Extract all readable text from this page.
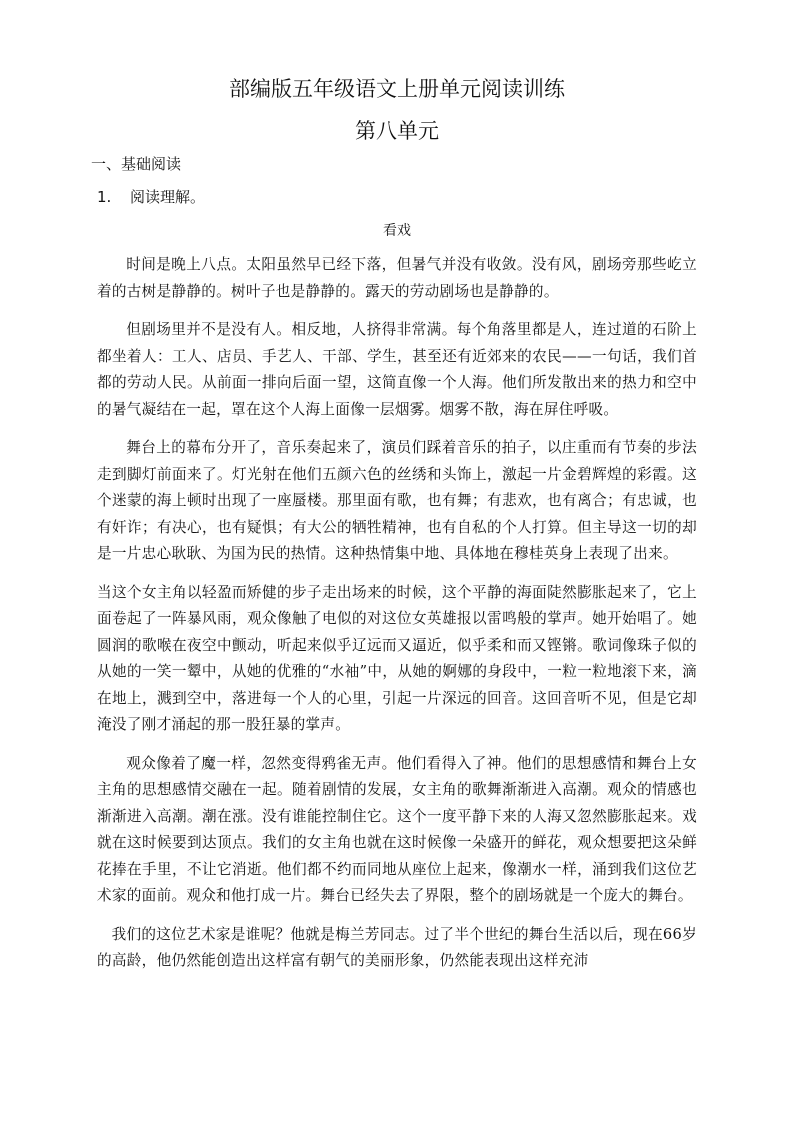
部编版五年级语文上册单元阅读训练
第八单元
一、基础阅读
1. 阅读理解。
看戏

时间是晚上八点。太阳虽然早已经下落，但暑气并没有收敛。没有风，剧场旁那些屹立着的古树是静静的。树叶子也是静静的。露天的劳动剧场也是静静的。

但剧场里并不是没有人。相反地，人挤得非常满。每个角落里都是人，连过道的石阶上都坐着人：工人、店员、手艺人、干部、学生，甚至还有近郊来的农民——一句话，我们首都的劳动人民。从前面一排向后面一望，这简直像一个人海。他们所发散出来的热力和空中的暑气凝结在一起，罩在这个人海上面像一层烟雾。烟雾不散，海在屏住呼吸。

舞台上的幕布分开了，音乐奏起来了，演员们踩着音乐的拍子，以庄重而有节奏的步法走到脚灯前面来了。灯光射在他们五颜六色的丝绣和头饰上，激起一片金碧辉煌的彩霞。这个迷蒙的海上顿时出现了一座蜃楼。那里面有歌，也有舞；有悲欢，也有离合；有忠诚，也有奸诈；有决心，也有疑惧；有大公的牺牲精神，也有自私的个人打算。但主导这一切的却是一片忠心耿耿、为国为民的热情。这种热情集中地、具体地在穆桂英身上表现了出来。

当这个女主角以轻盈而矫健的步子走出场来的时候，这个平静的海面陡然膨胀起来了，它上面卷起了一阵暴风雨，观众像触了电似的对这位女英雄报以雷鸣般的掌声。她开始唱了。她圆润的歌喉在夜空中颤动，听起来似乎辽远而又逼近，似乎柔和而又铿锵。歌词像珠子似的从她的一笑一颦中，从她的优雅的“水袖”中，从她的婀娜的身段中，一粒一粒地滚下来，滴在地上，溅到空中，落进每一个人的心里，引起一片深远的回音。这回音听不见，但是它却淹没了刚才涌起的那一股狂暴的掌声。

观众像着了魔一样，忽然变得鸦雀无声。他们看得入了神。他们的思想感情和舞台上女主角的思想感情交融在一起。随着剧情的发展，女主角的歌舞渐渐进入高潮。观众的情感也渐渐进入高潮。潮在涨。没有谁能控制住它。这个一度平静下来的人海又忽然膨胀起来。戏就在这时候要到达顶点。我们的女主角也就在这时候像一朵盛开的鲜花，观众想要把这朵鲜花捧在手里，不让它消逝。他们都不约而同地从座位上起来，像潮水一样，涌到我们这位艺术家的面前。观众和他打成一片。舞台已经失去了界限，整个的剧场就是一个庞大的舞台。

我们的这位艺术家是谁呢？他就是梅兰芳同志。过了半个世纪的舞台生活以后，现在66岁的高龄，他仍然能创造出这样富有朝气的美丽形象，仍然能表现出这样充沛
